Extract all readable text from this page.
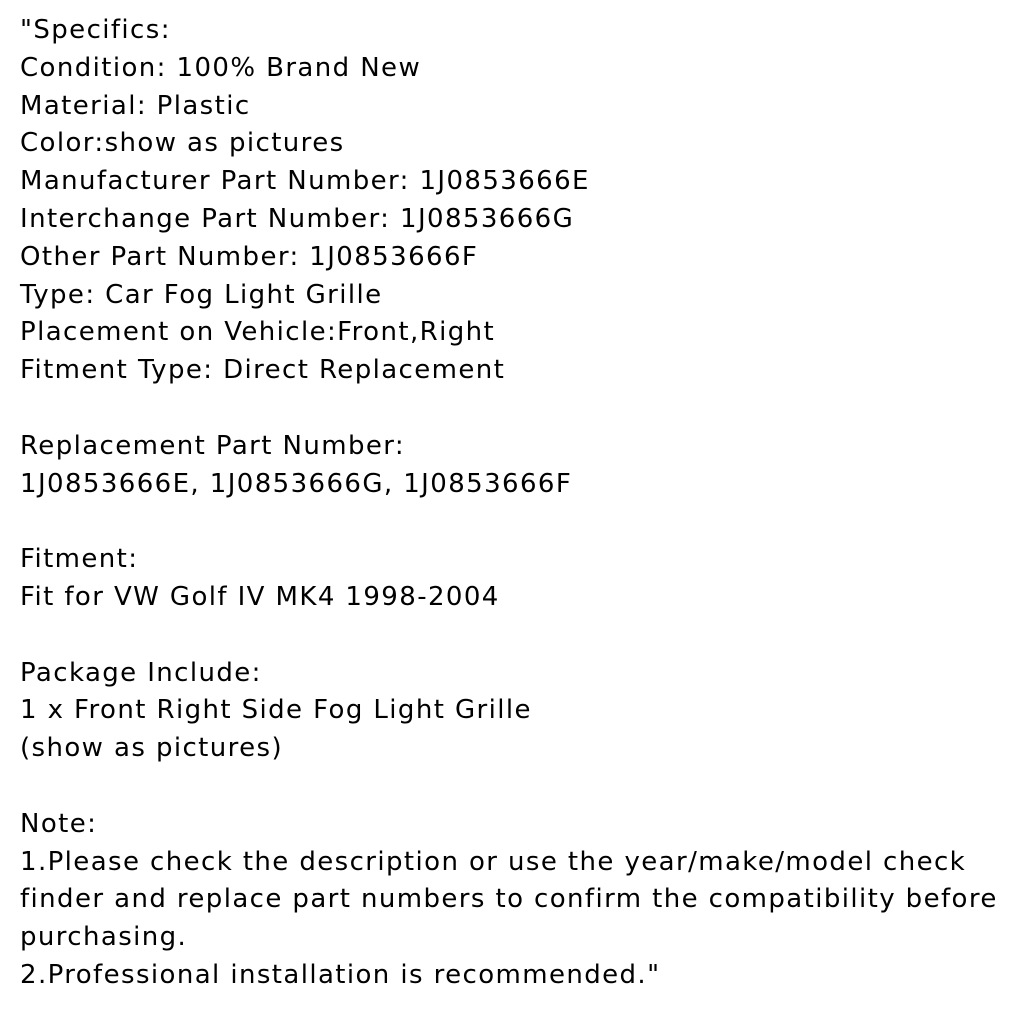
"Specifics:
Condition: 100% Brand New
Material: Plastic
Color:show as pictures
Manufacturer Part Number: 1J0853666E
Interchange Part Number: 1J0853666G
Other Part Number: 1J0853666F
Type: Car Fog Light Grille
Placement on Vehicle:Front,Right
Fitment Type: Direct Replacement
Replacement Part Number:
1J0853666E, 1J0853666G, 1J0853666F
Fitment:
Fit for VW Golf IV MK4 1998-2004
Package Include:
1 x Front Right Side Fog Light Grille
(show as pictures)
Note:
1.Please check the description or use the year/make/model check
finder and replace part numbers to confirm the compatibility before
purchasing.
2.Professional installation is recommended."
